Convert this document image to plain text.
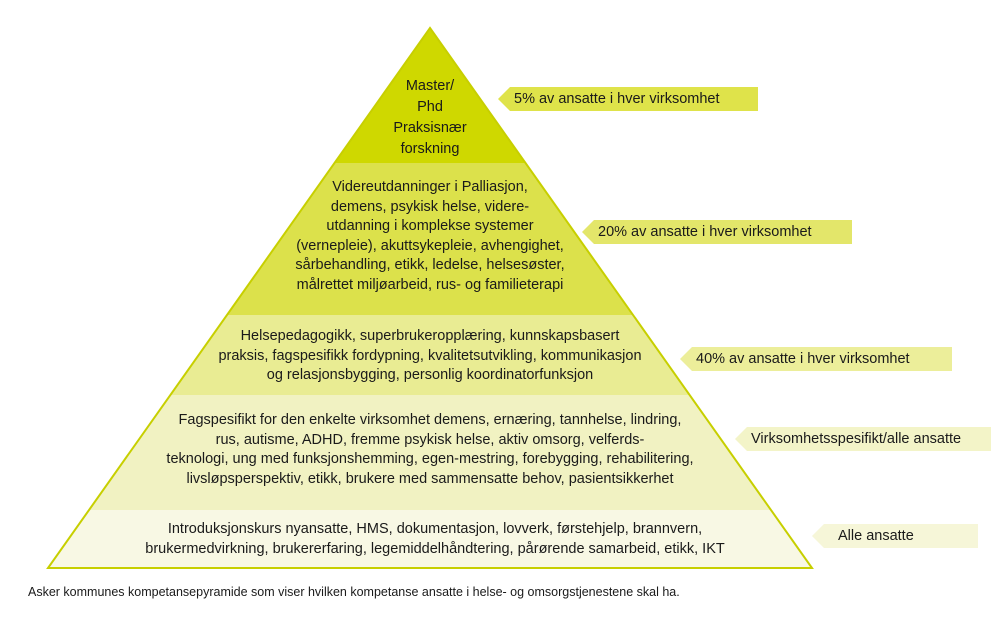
Master/
Phd
Praksisnær
forskning
Videreutdanninger i Palliasjon,
demens, psykisk helse, videre-
utdanning i komplekse systemer
(vernepleie), akuttsykepleie, avhengighet,
sårbehandling, etikk, ledelse, helsesøster,
målrettet miljøarbeid, rus- og familieterapi
Helsepedagogikk, superbrukeropplæring, kunnskapsbasert
praksis, fagspesifikk fordypning, kvalitetsutvikling, kommunikasjon
og relasjonsbygging, personlig koordinatorfunksjon
Fagspesifikt for den enkelte virksomhet demens, ernæring, tannhelse, lindring,
rus, autisme, ADHD, fremme psykisk helse, aktiv omsorg, velferds-
teknologi, ung med funksjonshemming, egen-mestring, forebygging, rehabilitering,
livsløpsperspektiv, etikk, brukere med sammensatte behov, pasientsikkerhet
Introduksjonskurs nyansatte, HMS, dokumentasjon, lovverk, førstehjelp, brannvern,
brukermedvirkning, brukererfaring, legemiddelhåndtering, pårørende samarbeid, etikk, IKT
5% av ansatte i hver virksomhet
20% av ansatte i hver virksomhet
40% av ansatte i hver virksomhet
Virksomhetsspesifikt/alle ansatte
Alle ansatte
Asker kommunes kompetansepyramide som viser hvilken kompetanse ansatte i helse- og omsorgstjenestene skal ha.
